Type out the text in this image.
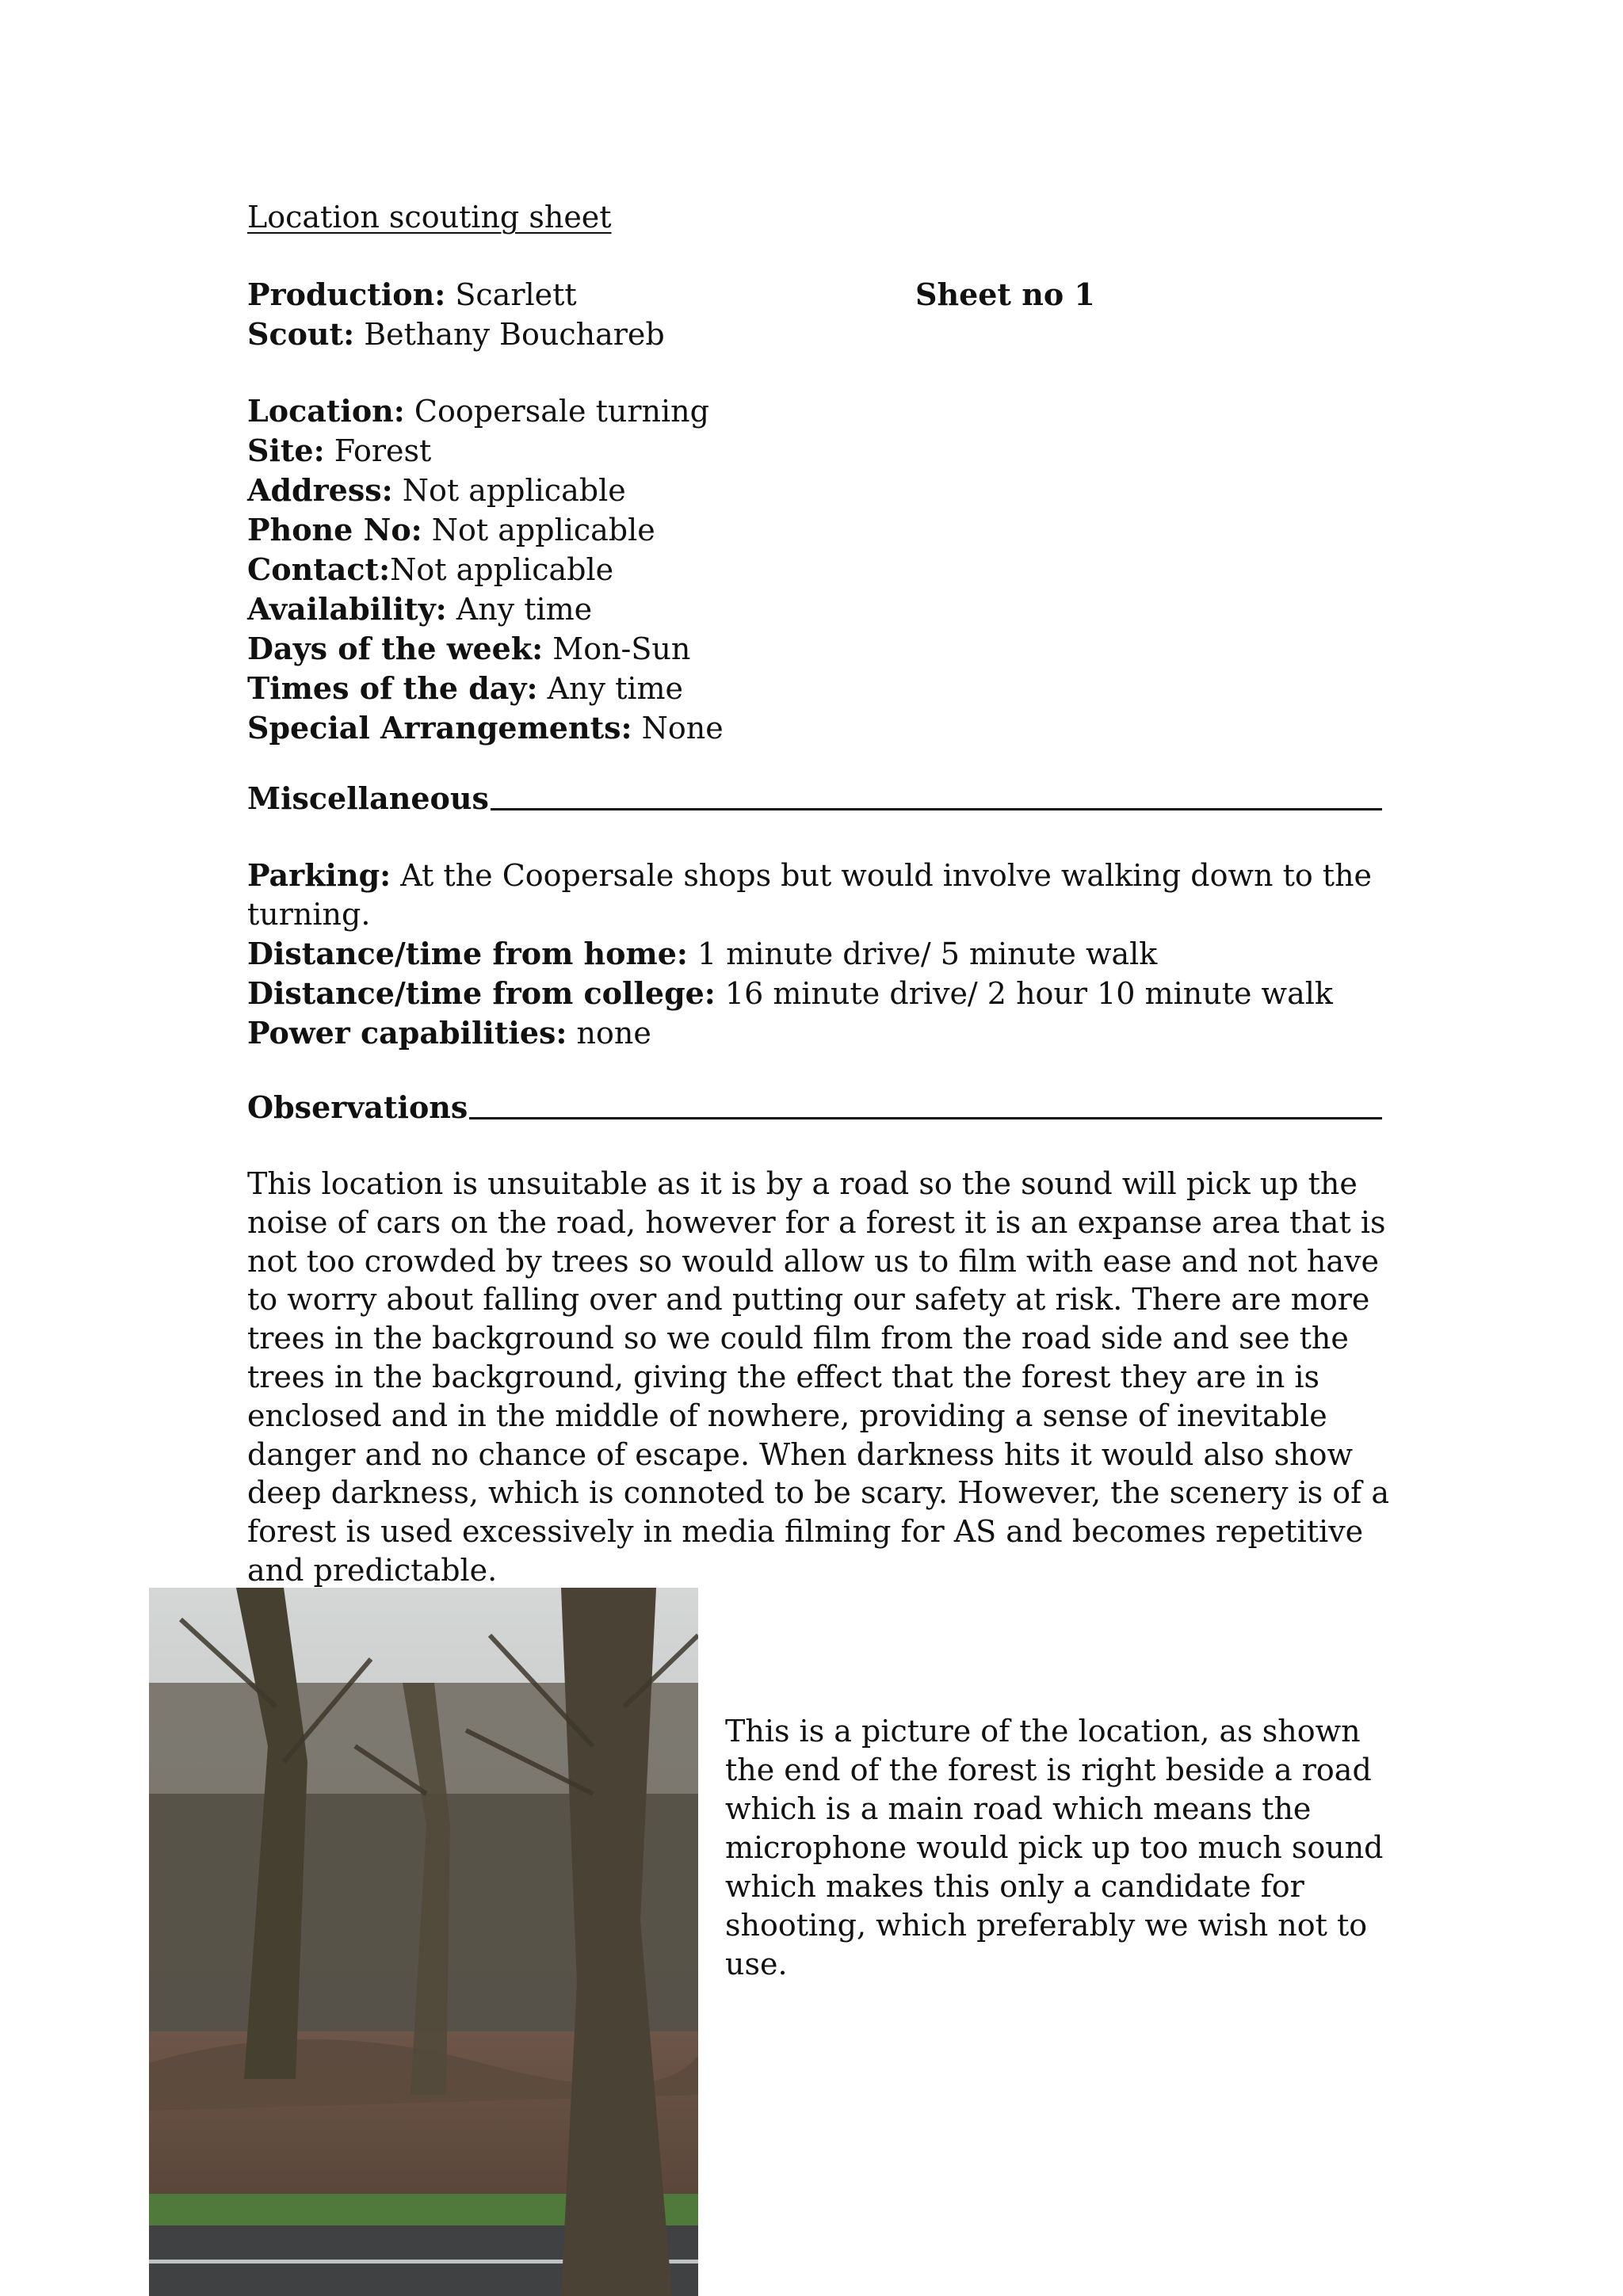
Location scouting sheet
Production: Scarlett
Scout: Bethany Bouchareb
Sheet no 1
Location: Coopersale turning
Site: Forest
Address: Not applicable
Phone No: Not applicable
Contact:Not applicable
Availability: Any time
Days of the week: Mon-Sun
Times of the day: Any time
Special Arrangements: None
Miscellaneous
Parking: At the Coopersale shops but would involve walking down to the turning.
Distance/time from home: 1 minute drive/ 5 minute walk
Distance/time from college: 16 minute drive/ 2 hour 10 minute walk
Power capabilities: none
Observations
This location is unsuitable as it is by a road so the sound will pick up the noise of cars on the road, however for a forest it is an expanse area that is not too crowded by trees so would allow us to film with ease and not have to worry about falling over and putting our safety at risk. There are more trees in the background so we could film from the road side and see the trees in the background, giving the effect that the forest they are in is enclosed and in the middle of nowhere, providing a sense of inevitable danger and no chance of escape. When darkness hits it would also show deep darkness, which is connoted to be scary. However, the scenery is of a forest is used excessively in media filming for AS and becomes repetitive and predictable.
This is a picture of the location, as shown the end of the forest is right beside a road which is a main road which means the microphone would pick up too much sound which makes this only a candidate for shooting, which preferably we wish not to use.
